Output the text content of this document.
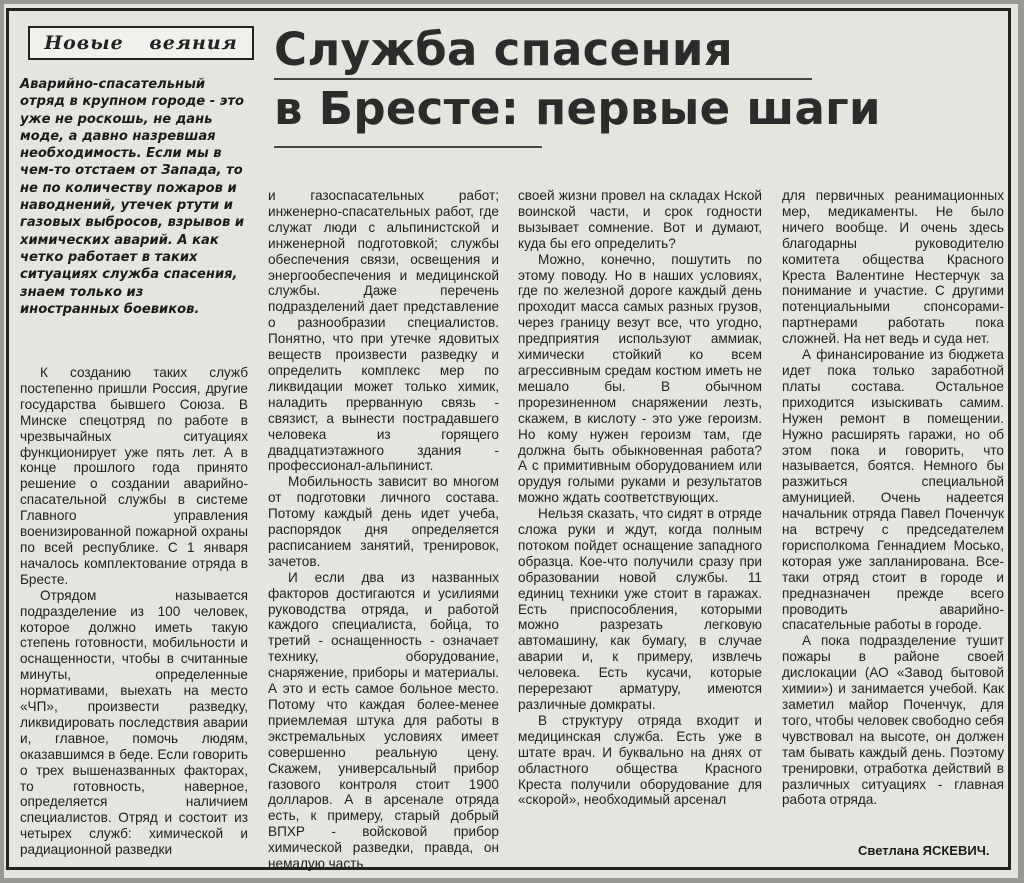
Новые веяния Служба спасения
в Бресте: первые шаги
Аварийно-спасательный отряд в крупном городе - это уже не роскошь, не дань моде, а давно назревшая необходимость. Если мы в чем-то отстаем от Запада, то не по количеству пожаров и наводнений, утечек ртути и газовых выбросов, взрывов и химических аварий. А как четко работает в таких ситуациях служба спасения, знаем только из иностранных боевиков.

К созданию таких служб постепенно пришли Россия, другие государства бывшего Союза. В Минске спецотряд по работе в чрезвычайных ситуациях функционирует уже пять лет. А в конце прошлого года принято решение о создании аварийно-спасательной службы в системе Главного управления военизированной пожарной охраны по всей республике. С 1 января началось комплектование отряда в Бресте.

Отрядом называется подразделение из 100 человек, которое должно иметь такую степень готовности, мобильности и оснащенности, чтобы в считанные минуты, определенные нормативами, выехать на место «ЧП», произвести разведку, ликвидировать последствия аварии и, главное, помочь людям, оказавшимся в беде. Если говорить о трех вышеназванных факторах, то готовность, наверное, определяется наличием специалистов. Отряд и состоит из четырех служб: химической и радиационной разведки

и газоспасательных работ; инженерно-спасательных работ, где служат люди с альпинистской и инженерной подготовкой; службы обеспечения связи, освещения и энергообеспечения и медицинской службы. Даже перечень подразделений дает представление о разнообразии специалистов. Понятно, что при утечке ядовитых веществ произвести разведку и определить комплекс мер по ликвидации может только химик, наладить прерванную связь - связист, а вынести пострадавшего человека из горящего двадцатиэтажного здания - профессионал-альпинист.

Мобильность зависит во многом от подготовки личного состава. Потому каждый день идет учеба, распорядок дня определяется расписанием занятий, тренировок, зачетов.

И если два из названных факторов достигаются и усилиями руководства отряда, и работой каждого специалиста, бойца, то третий - оснащенность - означает технику, оборудование, снаряжение, приборы и материалы. А это и есть самое больное место. Потому что каждая более-менее приемлемая штука для работы в экстремальных условиях имеет совершенно реальную цену. Скажем, универсальный прибор газового контроля стоит 1900 долларов. А в арсенале отряда есть, к примеру, старый добрый ВПХР - войсковой прибор химической разведки, правда, он немалую часть

своей жизни провел на складах Нской воинской части, и срок годности вызывает сомнение. Вот и думают, куда бы его определить?

Можно, конечно, пошутить по этому поводу. Но в наших условиях, где по железной дороге каждый день проходит масса самых разных грузов, через границу везут все, что угодно, предприятия используют аммиак, химически стойкий ко всем агрессивным средам костюм иметь не мешало бы. В обычном прорезиненном снаряжении лезть, скажем, в кислоту - это уже героизм. Но кому нужен героизм там, где должна быть обыкновенная работа? А с примитивным оборудованием или орудуя голыми руками и результатов можно ждать соответствующих.

Нельзя сказать, что сидят в отряде сложа руки и ждут, когда полным потоком пойдет оснащение западного образца. Кое-что получили сразу при образовании новой службы. 11 единиц техники уже стоит в гаражах. Есть приспособления, которыми можно разрезать легковую автомашину, как бумагу, в случае аварии и, к примеру, извлечь человека. Есть кусачи, которые перерезают арматуру, имеются различные домкраты.

В структуру отряда входит и медицинская служба. Есть уже в штате врач. И буквально на днях от областного общества Красного Креста получили оборудование для «скорой», необходимый арсенал

для первичных реанимационных мер, медикаменты. Не было ничего вообще. И очень здесь благодарны руководителю комитета общества Красного Креста Валентине Нестерчук за понимание и участие. С другими потенциальными спонсорами-партнерами работать пока сложней. На нет ведь и суда нет.

А финансирование из бюджета идет пока только заработной платы состава. Остальное приходится изыскивать самим. Нужен ремонт в помещении. Нужно расширять гаражи, но об этом пока и говорить, что называется, боятся. Немного бы разжиться специальной амуницией. Очень надеется начальник отряда Павел Поченчук на встречу с председателем горисполкома Геннадием Мосько, которая уже запланирована. Все-таки отряд стоит в городе и предназначен прежде всего проводить аварийно-спасательные работы в городе.

А пока подразделение тушит пожары в районе своей дислокации (АО «Завод бытовой химии») и занимается учебой. Как заметил майор Поченчук, для того, чтобы человек свободно себя чувствовал на высоте, он должен там бывать каждый день. Поэтому тренировки, отработка действий в различных ситуациях - главная работа отряда.

Светлана ЯСКЕВИЧ.
